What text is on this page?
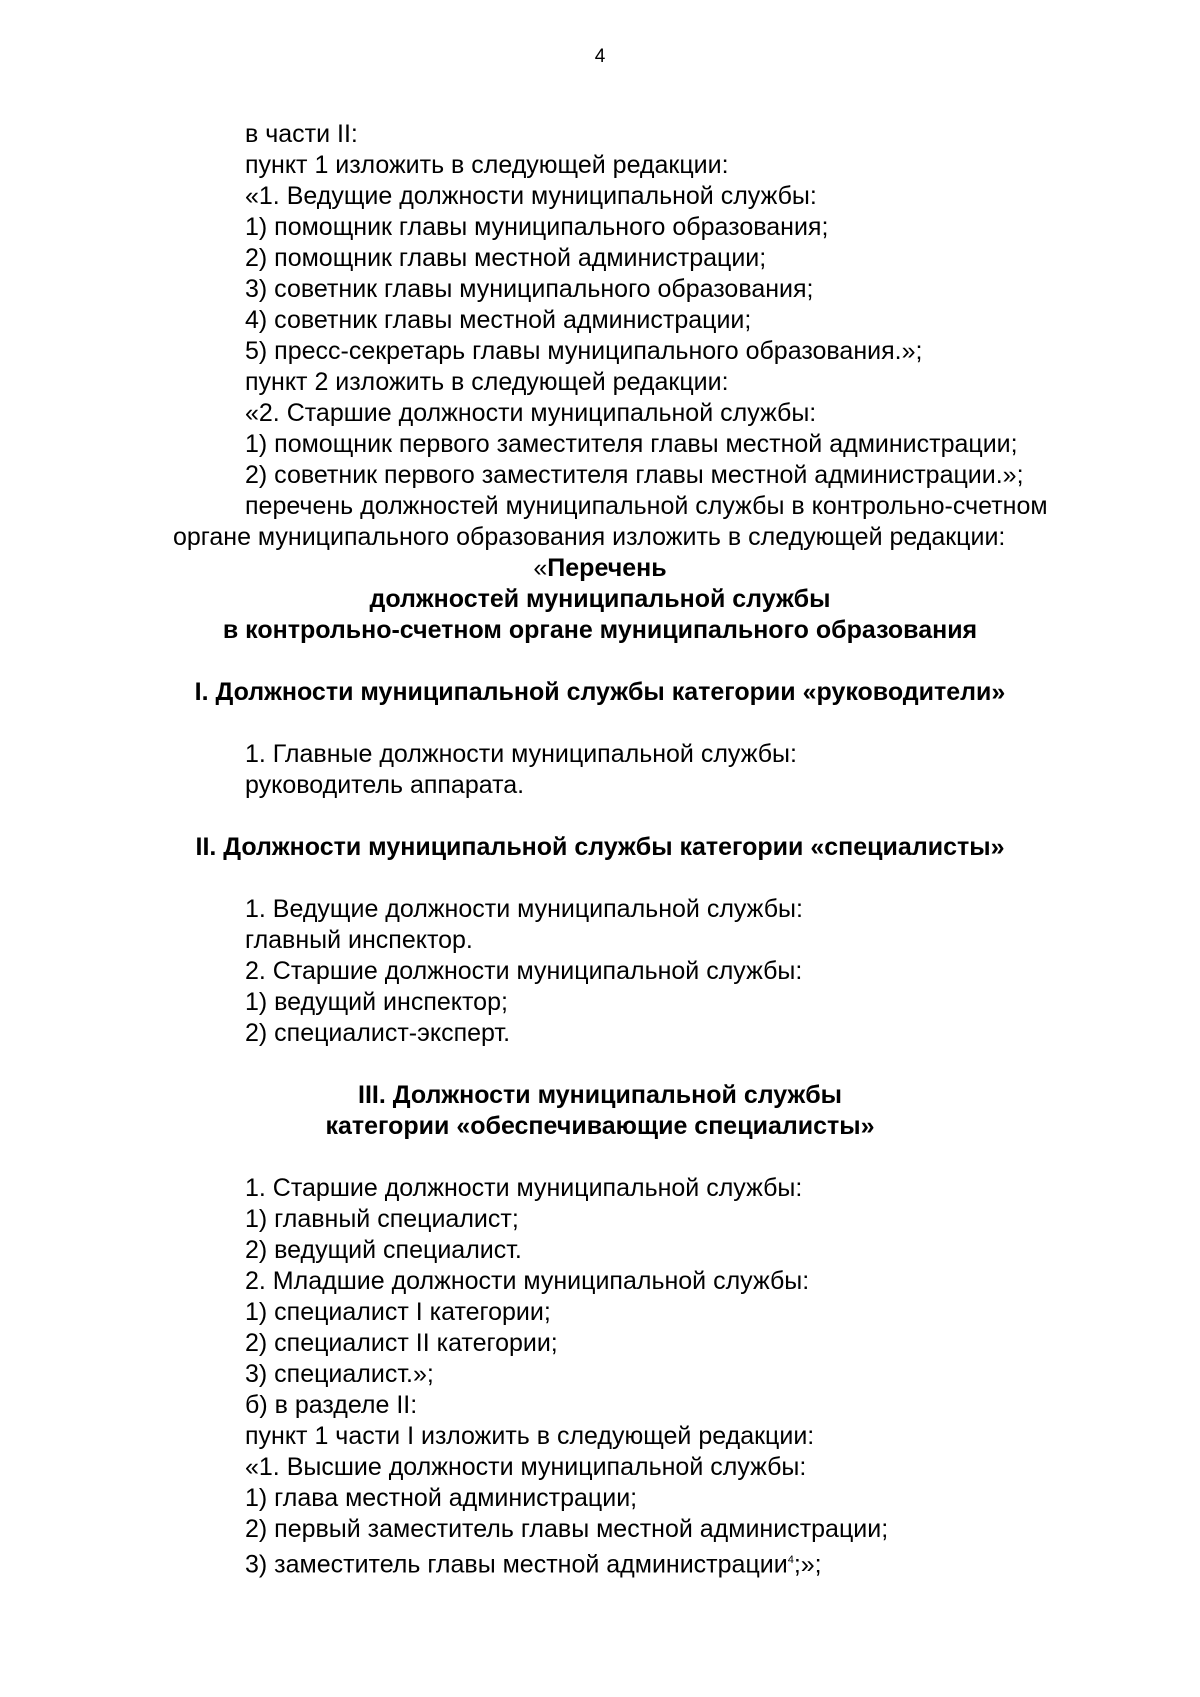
4
в части II:
пункт 1 изложить в следующей редакции:
«1. Ведущие должности муниципальной службы:
1) помощник главы муниципального образования;
2) помощник главы местной администрации;
3) советник главы муниципального образования;
4) советник главы местной администрации;
5) пресс-секретарь главы муниципального образования.»;
пункт 2 изложить в следующей редакции:
«2. Старшие должности муниципальной службы:
1) помощник первого заместителя главы местной администрации;
2) советник первого заместителя главы местной администрации.»;
перечень должностей муниципальной службы в контрольно-счетном
органе муниципального образования изложить в следующей редакции:
«Перечень
должностей муниципальной службы
в контрольно-счетном органе муниципального образования
I. Должности муниципальной службы категории «руководители»
1. Главные должности муниципальной службы:
руководитель аппарата.
II. Должности муниципальной службы категории «специалисты»
1. Ведущие должности муниципальной службы:
главный инспектор.
2. Старшие должности муниципальной службы:
1) ведущий инспектор;
2) специалист-эксперт.
III. Должности муниципальной службы
категории «обеспечивающие специалисты»
1. Старшие должности муниципальной службы:
1) главный специалист;
2) ведущий специалист.
2. Младшие должности муниципальной службы:
1) специалист I категории;
2) специалист II категории;
3) специалист.»;
б) в разделе II:
пункт 1 части I изложить в следующей редакции:
«1. Высшие должности муниципальной службы:
1) глава местной администрации;
2) первый заместитель главы местной администрации;
3) заместитель главы местной администрации$^4$;»;
